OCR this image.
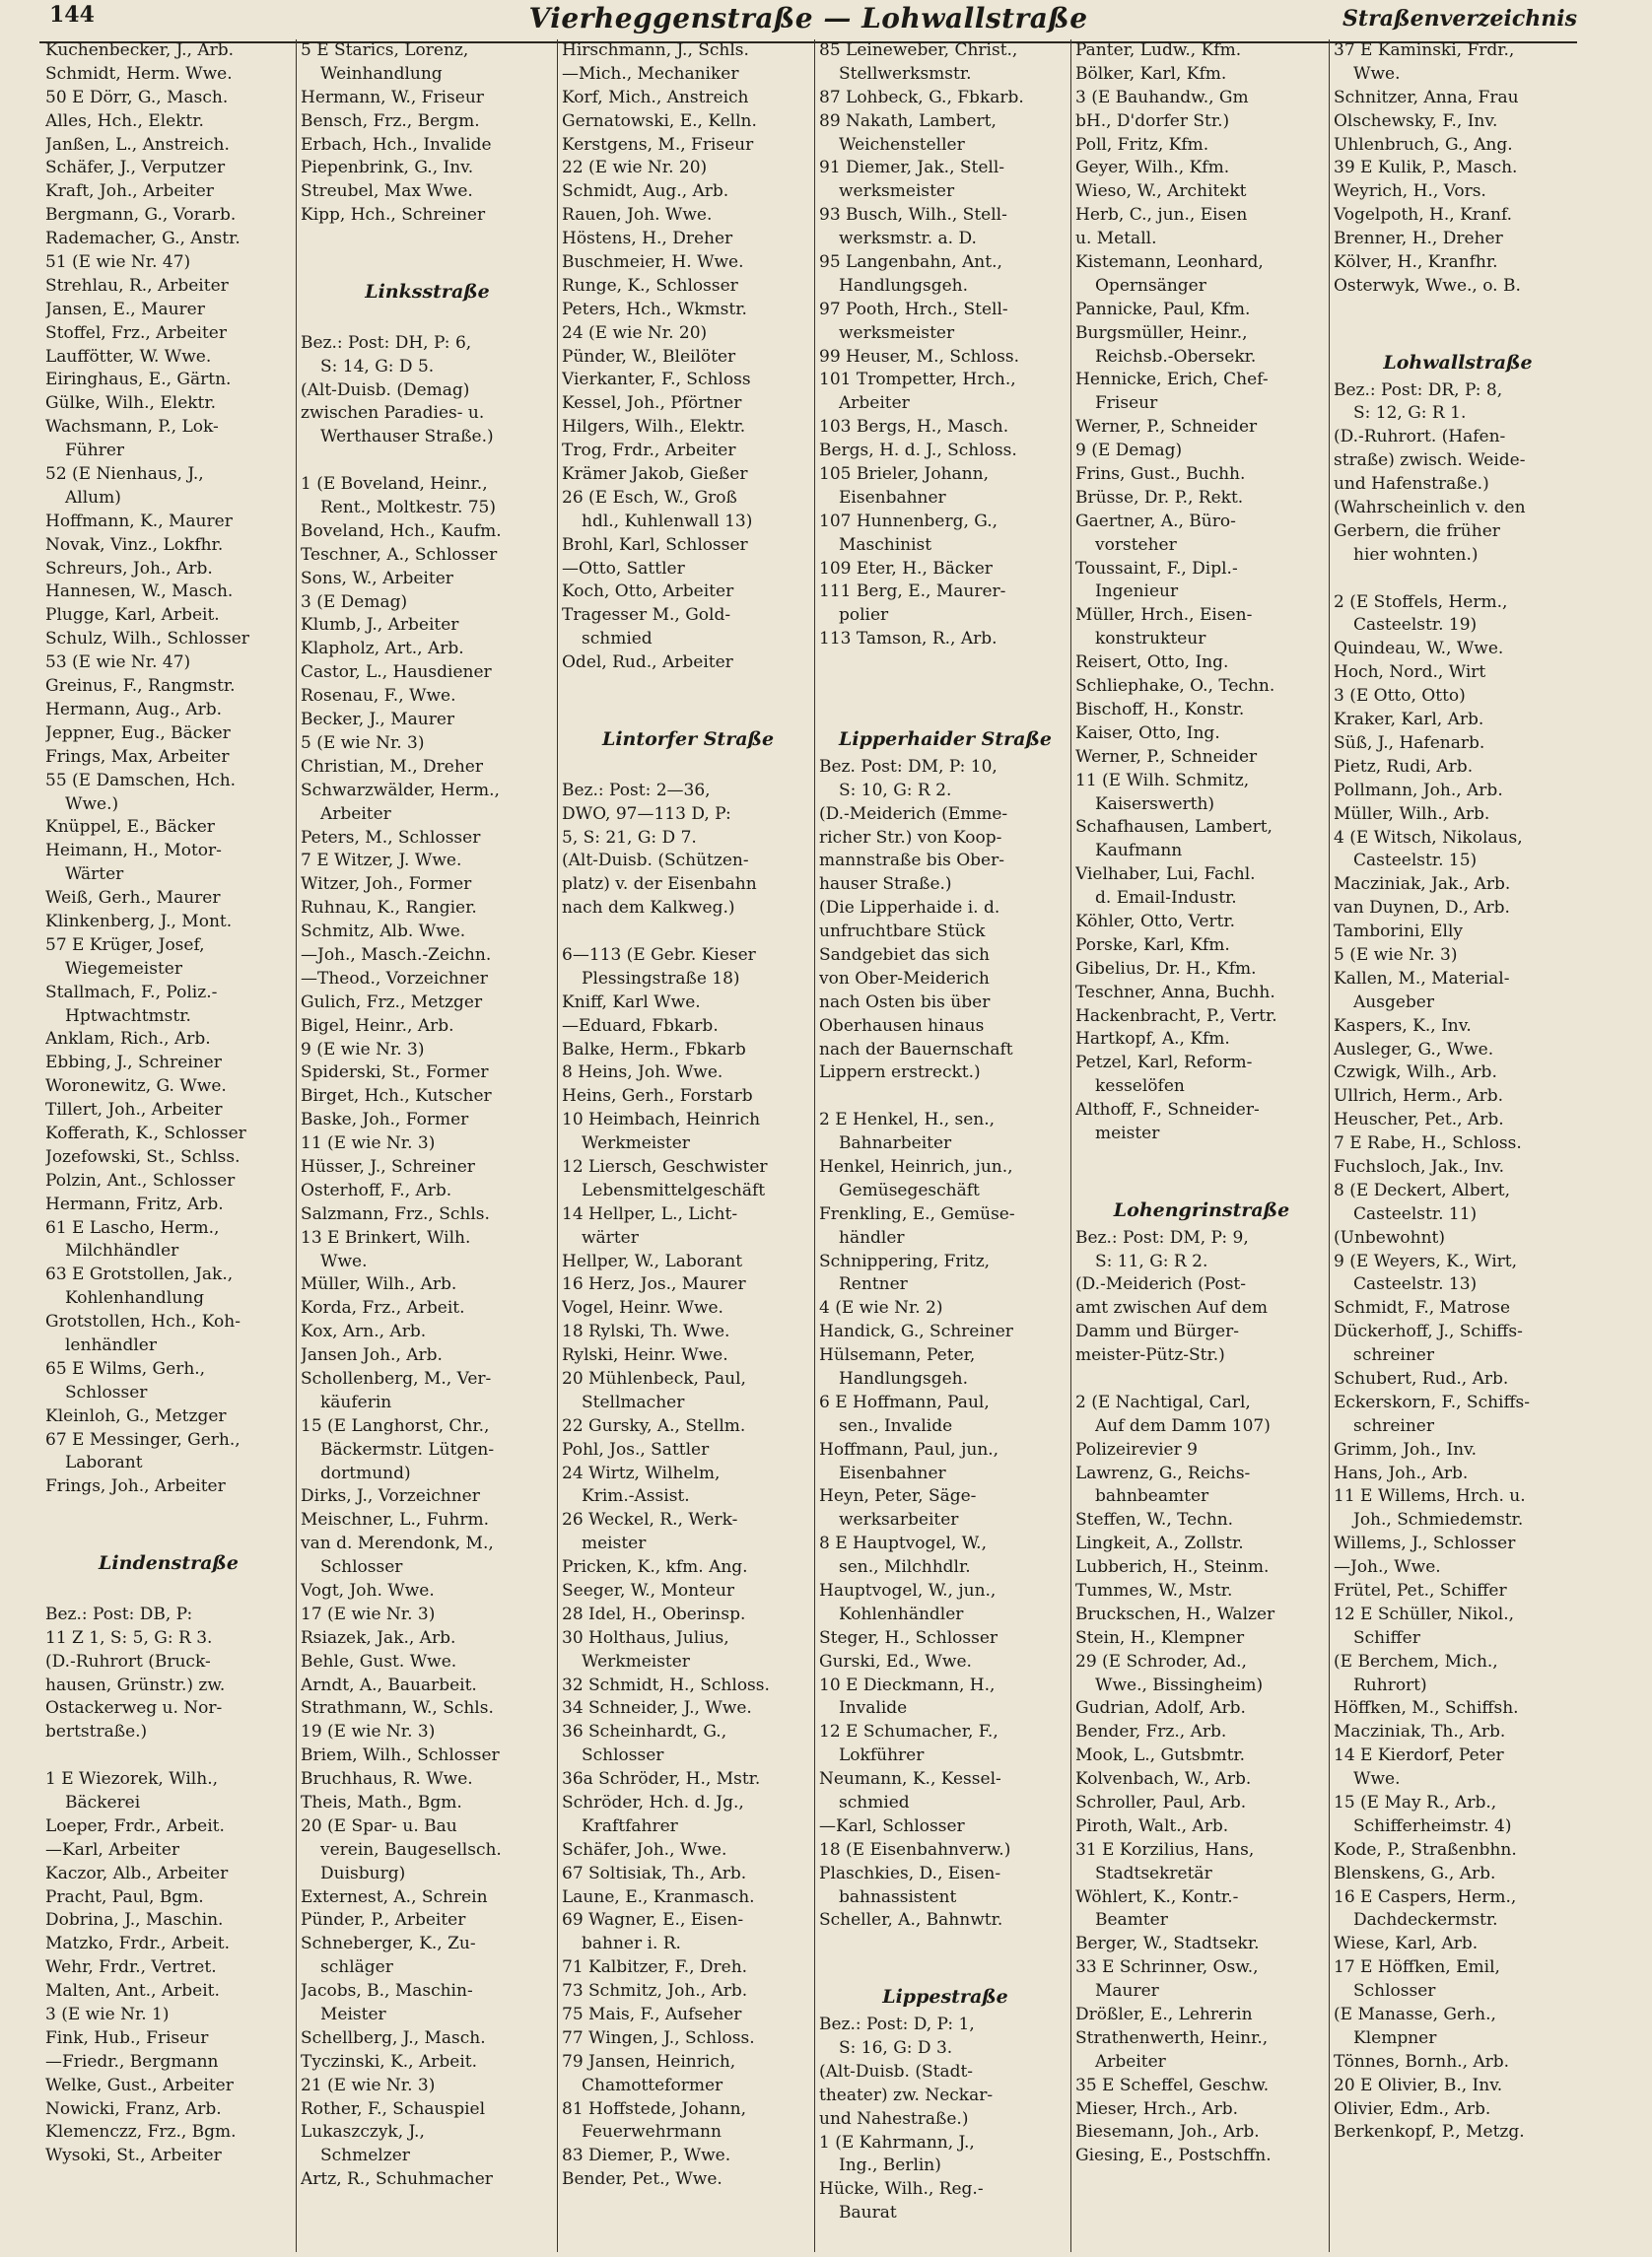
144	Vierheggenstraße — Lohwallstraße	Straßenverzeichnis
Kuchenbecker, J., Arb.
Schmidt, Herm. Wwe.
50 E Dörr, G., Masch.
Alles, Hch., Elektr.
Janßen, L., Anstreich.
Schäfer, J., Verputzer
Kraft, Joh., Arbeiter
Bergmann, G., Vorarb.
Rademacher, G., Anstr.
51 (E wie Nr. 47)
Strehlau, R., Arbeiter
Jansen, E., Maurer
Stoffel, Frz., Arbeiter
Lauffötter, W. Wwe.
Eiringhaus, E., Gärtn.
Gülke, Wilh., Elektr.
Wachsmann, P., Lok-
Führer
52 (E Nienhaus, J.,
Allum)
Hoffmann, K., Maurer
Novak, Vinz., Lokfhr.
Schreurs, Joh., Arb.
Hannesen, W., Masch.
Plugge, Karl, Arbeit.
Schulz, Wilh., Schlosser
53 (E wie Nr. 47)
Greinus, F., Rangmstr.
Hermann, Aug., Arb.
Jeppner, Eug., Bäcker
Frings, Max, Arbeiter
55 (E Damschen, Hch.
Wwe.)
Knüppel, E., Bäcker
Heimann, H., Motor-
Wärter
Weiß, Gerh., Maurer
Klinkenberg, J., Mont.
57 E Krüger, Josef,
Wiegemeister
Stallmach, F., Poliz.-
Hptwachtmstr.
Anklam, Rich., Arb.
Ebbing, J., Schreiner
Woronewitz, G. Wwe.
Tillert, Joh., Arbeiter
Kofferath, K., Schlosser
Jozefowski, St., Schlss.
Polzin, Ant., Schlosser
Hermann, Fritz, Arb.
61 E Lascho, Herm.,
Milchhändler
63 E Grotstollen, Jak.,
Kohlenhandlung
Grotstollen, Hch., Koh-
lenhändler
65 E Wilms, Gerh.,
Schlosser
Kleinloh, G., Metzger
67 E Messinger, Gerh.,
Laborant
Frings, Joh., Arbeiter
Lindenstraße
Bez.: Post: DB, P:
11 Z 1, S: 5, G: R 3.
(D.-Ruhrort (Bruck-
hausen, Grünstr.) zw.
Ostackerweg u. Nor-
bertstraße.)
1 E Wiezorek, Wilh.,
Bäckerei
Loeper, Frdr., Arbeit.
—Karl, Arbeiter
Kaczor, Alb., Arbeiter
Pracht, Paul, Bgm.
Dobrina, J., Maschin.
Matzko, Frdr., Arbeit.
Wehr, Frdr., Vertret.
Malten, Ant., Arbeit.
3 (E wie Nr. 1)
Fink, Hub., Friseur
—Friedr., Bergmann
Welke, Gust., Arbeiter
Nowicki, Franz, Arb.
Klemenczz, Frz., Bgm.
Wysoki, St., Arbeiter
5 E Starics, Lorenz,
Weinhandlung
Hermann, W., Friseur
Bensch, Frz., Bergm.
Erbach, Hch., Invalide
Piepenbrink, G., Inv.
Streubel, Max Wwe.
Kipp, Hch., Schreiner
Linksstraße
Bez.: Post: DH, P: 6,
S: 14, G: D 5.
(Alt-Duisb. (Demag)
zwischen Paradies- u.
Werthauser Straße.)
1 (E Boveland, Heinr.,
Rent., Moltkestr. 75)
Boveland, Hch., Kaufm.
Teschner, A., Schlosser
Sons, W., Arbeiter
3 (E Demag)
Klumb, J., Arbeiter
Klapholz, Art., Arb.
Castor, L., Hausdiener
Rosenau, F., Wwe.
Becker, J., Maurer
5 (E wie Nr. 3)
Christian, M., Dreher
Schwarzwälder, Herm.,
Arbeiter
Peters, M., Schlosser
7 E Witzer, J. Wwe.
Witzer, Joh., Former
Ruhnau, K., Rangier.
Schmitz, Alb. Wwe.
—Joh., Masch.-Zeichn.
—Theod., Vorzeichner
Gulich, Frz., Metzger
Bigel, Heinr., Arb.
9 (E wie Nr. 3)
Spiderski, St., Former
Birget, Hch., Kutscher
Baske, Joh., Former
11 (E wie Nr. 3)
Hüsser, J., Schreiner
Osterhoff, F., Arb.
Salzmann, Frz., Schls.
13 E Brinkert, Wilh.
Wwe.
Müller, Wilh., Arb.
Korda, Frz., Arbeit.
Kox, Arn., Arb.
Jansen Joh., Arb.
Schollenberg, M., Ver-
käuferin
15 (E Langhorst, Chr.,
Bäckermstr. Lütgen-
dortmund)
Dirks, J., Vorzeichner
Meischner, L., Fuhrm.
van d. Merendonk, M.,
Schlosser
Vogt, Joh. Wwe.
17 (E wie Nr. 3)
Rsiazek, Jak., Arb.
Behle, Gust. Wwe.
Arndt, A., Bauarbeit.
Strathmann, W., Schls.
19 (E wie Nr. 3)
Briem, Wilh., Schlosser
Bruchhaus, R. Wwe.
Theis, Math., Bgm.
20 (E Spar- u. Bau
verein, Baugesellsch.
Duisburg)
Externest, A., Schrein
Pünder, P., Arbeiter
Schneberger, K., Zu-
schläger
Jacobs, B., Maschin-
Meister
Schellberg, J., Masch.
Tyczinski, K., Arbeit.
21 (E wie Nr. 3)
Rother, F., Schauspiel
Lukaszczyk, J.,
Schmelzer
Artz, R., Schuhmacher
Hirschmann, J., Schls.
—Mich., Mechaniker
Korf, Mich., Anstreich
Gernatowski, E., Kelln.
Kerstgens, M., Friseur
22 (E wie Nr. 20)
Schmidt, Aug., Arb.
Rauen, Joh. Wwe.
Höstens, H., Dreher
Buschmeier, H. Wwe.
Runge, K., Schlosser
Peters, Hch., Wkmstr.
24 (E wie Nr. 20)
Pünder, W., Bleilöter
Vierkanter, F., Schloss
Kessel, Joh., Pförtner
Hilgers, Wilh., Elektr.
Trog, Frdr., Arbeiter
Krämer Jakob, Gießer
26 (E Esch, W., Groß
hdl., Kuhlenwall 13)
Brohl, Karl, Schlosser
—Otto, Sattler
Koch, Otto, Arbeiter
Tragesser M., Gold-
schmied
Odel, Rud., Arbeiter
Lintorfer Straße
Bez.: Post: 2—36,
DWO, 97—113 D, P:
5, S: 21, G: D 7.
(Alt-Duisb. (Schützen-
platz) v. der Eisenbahn
nach dem Kalkweg.)
6—113 (E Gebr. Kieser
Plessingstraße 18)
Kniff, Karl Wwe.
—Eduard, Fbkarb.
Balke, Herm., Fbkarb
8 Heins, Joh. Wwe.
Heins, Gerh., Forstarb
10 Heimbach, Heinrich
Werkmeister
12 Liersch, Geschwister
Lebensmittelgeschäft
14 Hellper, L., Licht-
wärter
Hellper, W., Laborant
16 Herz, Jos., Maurer
Vogel, Heinr. Wwe.
18 Rylski, Th. Wwe.
Rylski, Heinr. Wwe.
20 Mühlenbeck, Paul,
Stellmacher
22 Gursky, A., Stellm.
Pohl, Jos., Sattler
24 Wirtz, Wilhelm,
Krim.-Assist.
26 Weckel, R., Werk-
meister
Pricken, K., kfm. Ang.
Seeger, W., Monteur
28 Idel, H., Oberinsp.
30 Holthaus, Julius,
Werkmeister
32 Schmidt, H., Schloss.
34 Schneider, J., Wwe.
36 Scheinhardt, G.,
Schlosser
36a Schröder, H., Mstr.
Schröder, Hch. d. Jg.,
Kraftfahrer
Schäfer, Joh., Wwe.
67 Soltisiak, Th., Arb.
Laune, E., Kranmasch.
69 Wagner, E., Eisen-
bahner i. R.
71 Kalbitzer, F., Dreh.
73 Schmitz, Joh., Arb.
75 Mais, F., Aufseher
77 Wingen, J., Schloss.
79 Jansen, Heinrich,
Chamotteformer
81 Hoffstede, Johann,
Feuerwehrmann
83 Diemer, P., Wwe.
Bender, Pet., Wwe.
85 Leineweber, Christ.,
Stellwerksmstr.
87 Lohbeck, G., Fbkarb.
89 Nakath, Lambert,
Weichensteller
91 Diemer, Jak., Stell-
werksmeister
93 Busch, Wilh., Stell-
werksmstr. a. D.
95 Langenbahn, Ant.,
Handlungsgeh.
97 Pooth, Hrch., Stell-
werksmeister
99 Heuser, M., Schloss.
101 Trompetter, Hrch.,
Arbeiter
103 Bergs, H., Masch.
Bergs, H. d. J., Schloss.
105 Brieler, Johann,
Eisenbahner
107 Hunnenberg, G.,
Maschinist
109 Eter, H., Bäcker
111 Berg, E., Maurer-
polier
113 Tamson, R., Arb.
Lipperhaider Straße
Bez. Post: DM, P: 10,
S: 10, G: R 2.
(D.-Meiderich (Emme-
richer Str.) von Koop-
mannstraße bis Ober-
hauser Straße.)
(Die Lipperhaide i. d.
unfruchtbare Stück
Sandgebiet das sich
von Ober-Meiderich
nach Osten bis über
Oberhausen hinaus
nach der Bauernschaft
Lippern erstreckt.)
2 E Henkel, H., sen.,
Bahnarbeiter
Henkel, Heinrich, jun.,
Gemüsegeschäft
Frenkling, E., Gemüse-
händler
Schnippering, Fritz,
Rentner
4 (E wie Nr. 2)
Handick, G., Schreiner
Hülsemann, Peter,
Handlungsgeh.
6 E Hoffmann, Paul,
sen., Invalide
Hoffmann, Paul, jun.,
Eisenbahner
Heyn, Peter, Säge-
werksarbeiter
8 E Hauptvogel, W.,
sen., Milchhdlr.
Hauptvogel, W., jun.,
Kohlenhändler
Steger, H., Schlosser
Gurski, Ed., Wwe.
10 E Dieckmann, H.,
Invalide
12 E Schumacher, F.,
Lokführer
Neumann, K., Kessel-
schmied
—Karl, Schlosser
18 (E Eisenbahnverw.)
Plaschkies, D., Eisen-
bahnassistent
Scheller, A., Bahnwtr.
Lippestraße
Bez.: Post: D, P: 1,
S: 16, G: D 3.
(Alt-Duisb. (Stadt-
theater) zw. Neckar-
und Nahestraße.)
1 (E Kahrmann, J.,
Ing., Berlin)
Hücke, Wilh., Reg.-
Baurat
Panter, Ludw., Kfm.
Bölker, Karl, Kfm.
3 (E Bauhandw., Gm
bH., D'dorfer Str.)
Poll, Fritz, Kfm.
Geyer, Wilh., Kfm.
Wieso, W., Architekt
Herb, C., jun., Eisen
u. Metall.
Kistemann, Leonhard,
Opernsänger
Pannicke, Paul, Kfm.
Burgsmüller, Heinr.,
Reichsb.-Obersekr.
Hennicke, Erich, Chef-
Friseur
Werner, P., Schneider
9 (E Demag)
Frins, Gust., Buchh.
Brüsse, Dr. P., Rekt.
Gaertner, A., Büro-
vorsteher
Toussaint, F., Dipl.-
Ingenieur
Müller, Hrch., Eisen-
konstrukteur
Reisert, Otto, Ing.
Schliephake, O., Techn.
Bischoff, H., Konstr.
Kaiser, Otto, Ing.
Werner, P., Schneider
11 (E Wilh. Schmitz,
Kaiserswerth)
Schafhausen, Lambert,
Kaufmann
Vielhaber, Lui, Fachl.
d. Email-Industr.
Köhler, Otto, Vertr.
Porske, Karl, Kfm.
Gibelius, Dr. H., Kfm.
Teschner, Anna, Buchh.
Hackenbracht, P., Vertr.
Hartkopf, A., Kfm.
Petzel, Karl, Reform-
kesselöfen
Althoff, F., Schneider-
meister
Lohengrinstraße
Bez.: Post: DM, P: 9,
S: 11, G: R 2.
(D.-Meiderich (Post-
amt zwischen Auf dem
Damm und Bürger-
meister-Pütz-Str.)
2 (E Nachtigal, Carl,
Auf dem Damm 107)
Polizeirevier 9
Lawrenz, G., Reichs-
bahnbeamter
Steffen, W., Techn.
Lingkeit, A., Zollstr.
Lubberich, H., Steinm.
Tummes, W., Mstr.
Bruckschen, H., Walzer
Stein, H., Klempner
29 (E Schroder, Ad.,
Wwe., Bissingheim)
Gudrian, Adolf, Arb.
Bender, Frz., Arb.
Mook, L., Gutsbmtr.
Kolvenbach, W., Arb.
Schroller, Paul, Arb.
Piroth, Walt., Arb.
31 E Korzilius, Hans,
Stadtsekretär
Wöhlert, K., Kontr.-
Beamter
Berger, W., Stadtsekr.
33 E Schrinner, Osw.,
Maurer
Drößler, E., Lehrerin
Strathenwerth, Heinr.,
Arbeiter
35 E Scheffel, Geschw.
Mieser, Hrch., Arb.
Biesemann, Joh., Arb.
Giesing, E., Postschffn.
37 E Kaminski, Frdr.,
Wwe.
Schnitzer, Anna, Frau
Olschewsky, F., Inv.
Uhlenbruch, G., Ang.
39 E Kulik, P., Masch.
Weyrich, H., Vors.
Vogelpoth, H., Kranf.
Brenner, H., Dreher
Kölver, H., Kranfhr.
Osterwyk, Wwe., o. B.
Lohwallstraße
Bez.: Post: DR, P: 8,
S: 12, G: R 1.
(D.-Ruhrort. (Hafen-
straße) zwisch. Weide-
und Hafenstraße.)
(Wahrscheinlich v. den
Gerbern, die früher
hier wohnten.)
2 (E Stoffels, Herm.,
Casteelstr. 19)
Quindeau, W., Wwe.
Hoch, Nord., Wirt
3 (E Otto, Otto)
Kraker, Karl, Arb.
Süß, J., Hafenarb.
Pietz, Rudi, Arb.
Pollmann, Joh., Arb.
Müller, Wilh., Arb.
4 (E Witsch, Nikolaus,
Casteelstr. 15)
Macziniak, Jak., Arb.
van Duynen, D., Arb.
Tamborini, Elly
5 (E wie Nr. 3)
Kallen, M., Material-
Ausgeber
Kaspers, K., Inv.
Ausleger, G., Wwe.
Czwigk, Wilh., Arb.
Ullrich, Herm., Arb.
Heuscher, Pet., Arb.
7 E Rabe, H., Schloss.
Fuchsloch, Jak., Inv.
8 (E Deckert, Albert,
Casteelstr. 11)
(Unbewohnt)
9 (E Weyers, K., Wirt,
Casteelstr. 13)
Schmidt, F., Matrose
Dückerhoff, J., Schiffs-
schreiner
Schubert, Rud., Arb.
Eckerskorn, F., Schiffs-
schreiner
Grimm, Joh., Inv.
Hans, Joh., Arb.
11 E Willems, Hrch. u.
Joh., Schmiedemstr.
Willems, J., Schlosser
—Joh., Wwe.
Frütel, Pet., Schiffer
12 E Schüller, Nikol.,
Schiffer
(E Berchem, Mich.,
Ruhrort)
Höffken, M., Schiffsh.
Macziniak, Th., Arb.
14 E Kierdorf, Peter
Wwe.
15 (E May R., Arb.,
Schifferheimstr. 4)
Kode, P., Straßenbhn.
Blenskens, G., Arb.
16 E Caspers, Herm.,
Dachdeckermstr.
Wiese, Karl, Arb.
17 E Höffken, Emil,
Schlosser
(E Manasse, Gerh.,
Klempner
Tönnes, Bornh., Arb.
20 E Olivier, B., Inv.
Olivier, Edm., Arb.
Berkenkopf, P., Metzg.
